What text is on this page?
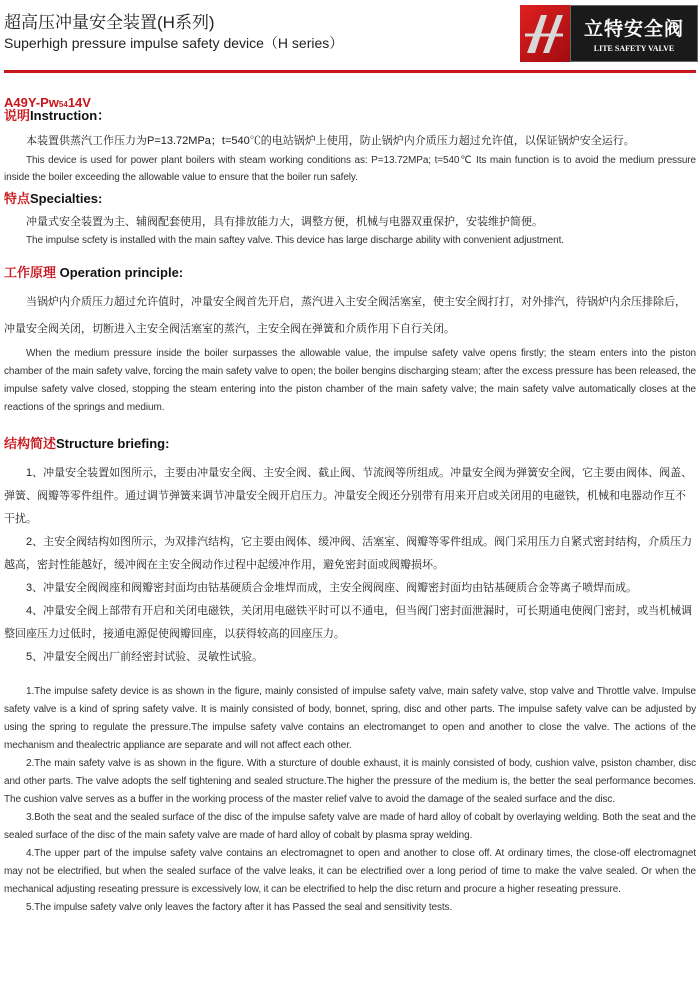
超高压冲量安全装置(H系列)
Superhigh pressure impulse safety device（H series）
立特安全阀
LITE SAFETY VALVE
A49Y-Pw5414V
说明Instruction：
本装置供蒸汽工作压力为P=13.72MPa；t=540℃的电站锅炉上使用，防止锅炉内介质压力超过允许值，以保证锅炉安全运行。
This device is used for power plant boilers with steam working conditions as: P=13.72MPa; t=540℃ Its main function is to avoid the medium pressure inside the boiler exceeding the allowable value to ensure that the boiler run safely.
特点Specialties:
冲量式安全装置为主、辅阀配套使用，具有排放能力大，调整方便，机械与电器双重保护，安装维护简便。
The impulse scfety is installed with the main saftey valve. This device has large discharge ability with convenient adjustment.
工作原理 Operation principle:
当锅炉内介质压力超过允许值时，冲量安全阀首先开启，蒸汽进入主安全阀活塞室，使主安全阀打打，对外排汽，待锅炉内余压排除后，冲量安全阀关闭，切断进入主安全阀活塞室的蒸汽，主安全阀在弹簧和介质作用下自行关闭。
When the medium pressure inside the boiler surpasses the allowable value, the impulse safety valve opens firstly; the steam enters into the piston chamber of the main safety valve, forcing the main safety valve to open; the boiler bengins discharging steam; after the excess pressure has been released, the impulse safety valve closed, stopping the steam entering into the piston chamber of the main safety valve; the main safety valve automatically closes at the reactions of the springs and medium.
结构简述Structure briefing:
1、冲量安全装置如图所示，主要由冲量安全阀、主安全阀、截止阀、节流阀等所组成。冲量安全阀为弹簧安全阀，它主要由阀体、阀盖、弹簧、阀瓣等零件组件。通过调节弹簧来调节冲量安全阀开启压力。冲量安全阀还分别带有用来开启或关闭用的电磁铁，机械和电器动作互不干扰。
2、主安全阀结构如图所示，为双排汽结构，它主要由阀体、缓冲阀、活塞室、阀瓣等零件组成。阀门采用压力自紧式密封结构，介质压力越高，密封性能越好，缓冲阀在主安全阀动作过程中起缓冲作用，避免密封面或阀瓣损坏。
3、冲量安全阀阀座和阀瓣密封面均由钴基硬质合金堆焊而成，主安全阀阀座、阀瓣密封面均由钴基硬质合金等离子喷焊而成。
4、冲量安全阀上部带有开启和关闭电磁铁，关闭用电磁铁平时可以不通电，但当阀门密封面泄漏时，可长期通电使阀门密封，或当机械调整回座压力过低时，接通电源促使阀瓣回座，以获得较高的回座压力。
5、冲量安全阀出厂前经密封试验、灵敏性试验。
1.The impulse safety device is as shown in the figure, mainly consisted of impulse safety valve, main safety valve, stop valve and Throttle valve. Impulse safety valve is a kind of spring safety valve. It is mainly consisted of body, bonnet, spring, disc and other parts. The impulse safety valve can be adjusted by using the spring to regulate the pressure.The impulse safety valve contains an electromanget to open and another to close the valve. The actions of the mechanism and thealectric appliance are separate and will not affect each other.
2.The main safety valve is as shown in the figure. With a sturcture of double exhaust, it is mainly consisted of body, cushion valve, psiston chamber, disc and other parts. The valve adopts the self tightening and sealed structure.The higher the pressure of the medium is, the better the seal performance becomes. The cushion valve serves as a buffer in the working process of the master relief valve to avoid the damage of the sealed surface and the disc.
3.Both the seat and the sealed surface of the disc of the impulse safety valve are made of hard alloy of cobalt by overlaying welding. Both the seat and the sealed surface of the disc of the main safety valve are made of hard alloy of cobalt by plasma spray welding.
4.The upper part of the impulse safety valve contains an electromagnet to open and another to close off. At ordinary times, the close-off electromagnet may not be electrified, but when the sealed surface of the valve leaks, it can be electrified over a long period of time to make the valve sealed. Or when the mechanical adjusting reseating pressure is excessively low, it can be electrified to help the disc return and procure a higher reseating pressure.
5.The impulse safety valve only leaves the factory after it has Passed the seal and sensitivity tests.
